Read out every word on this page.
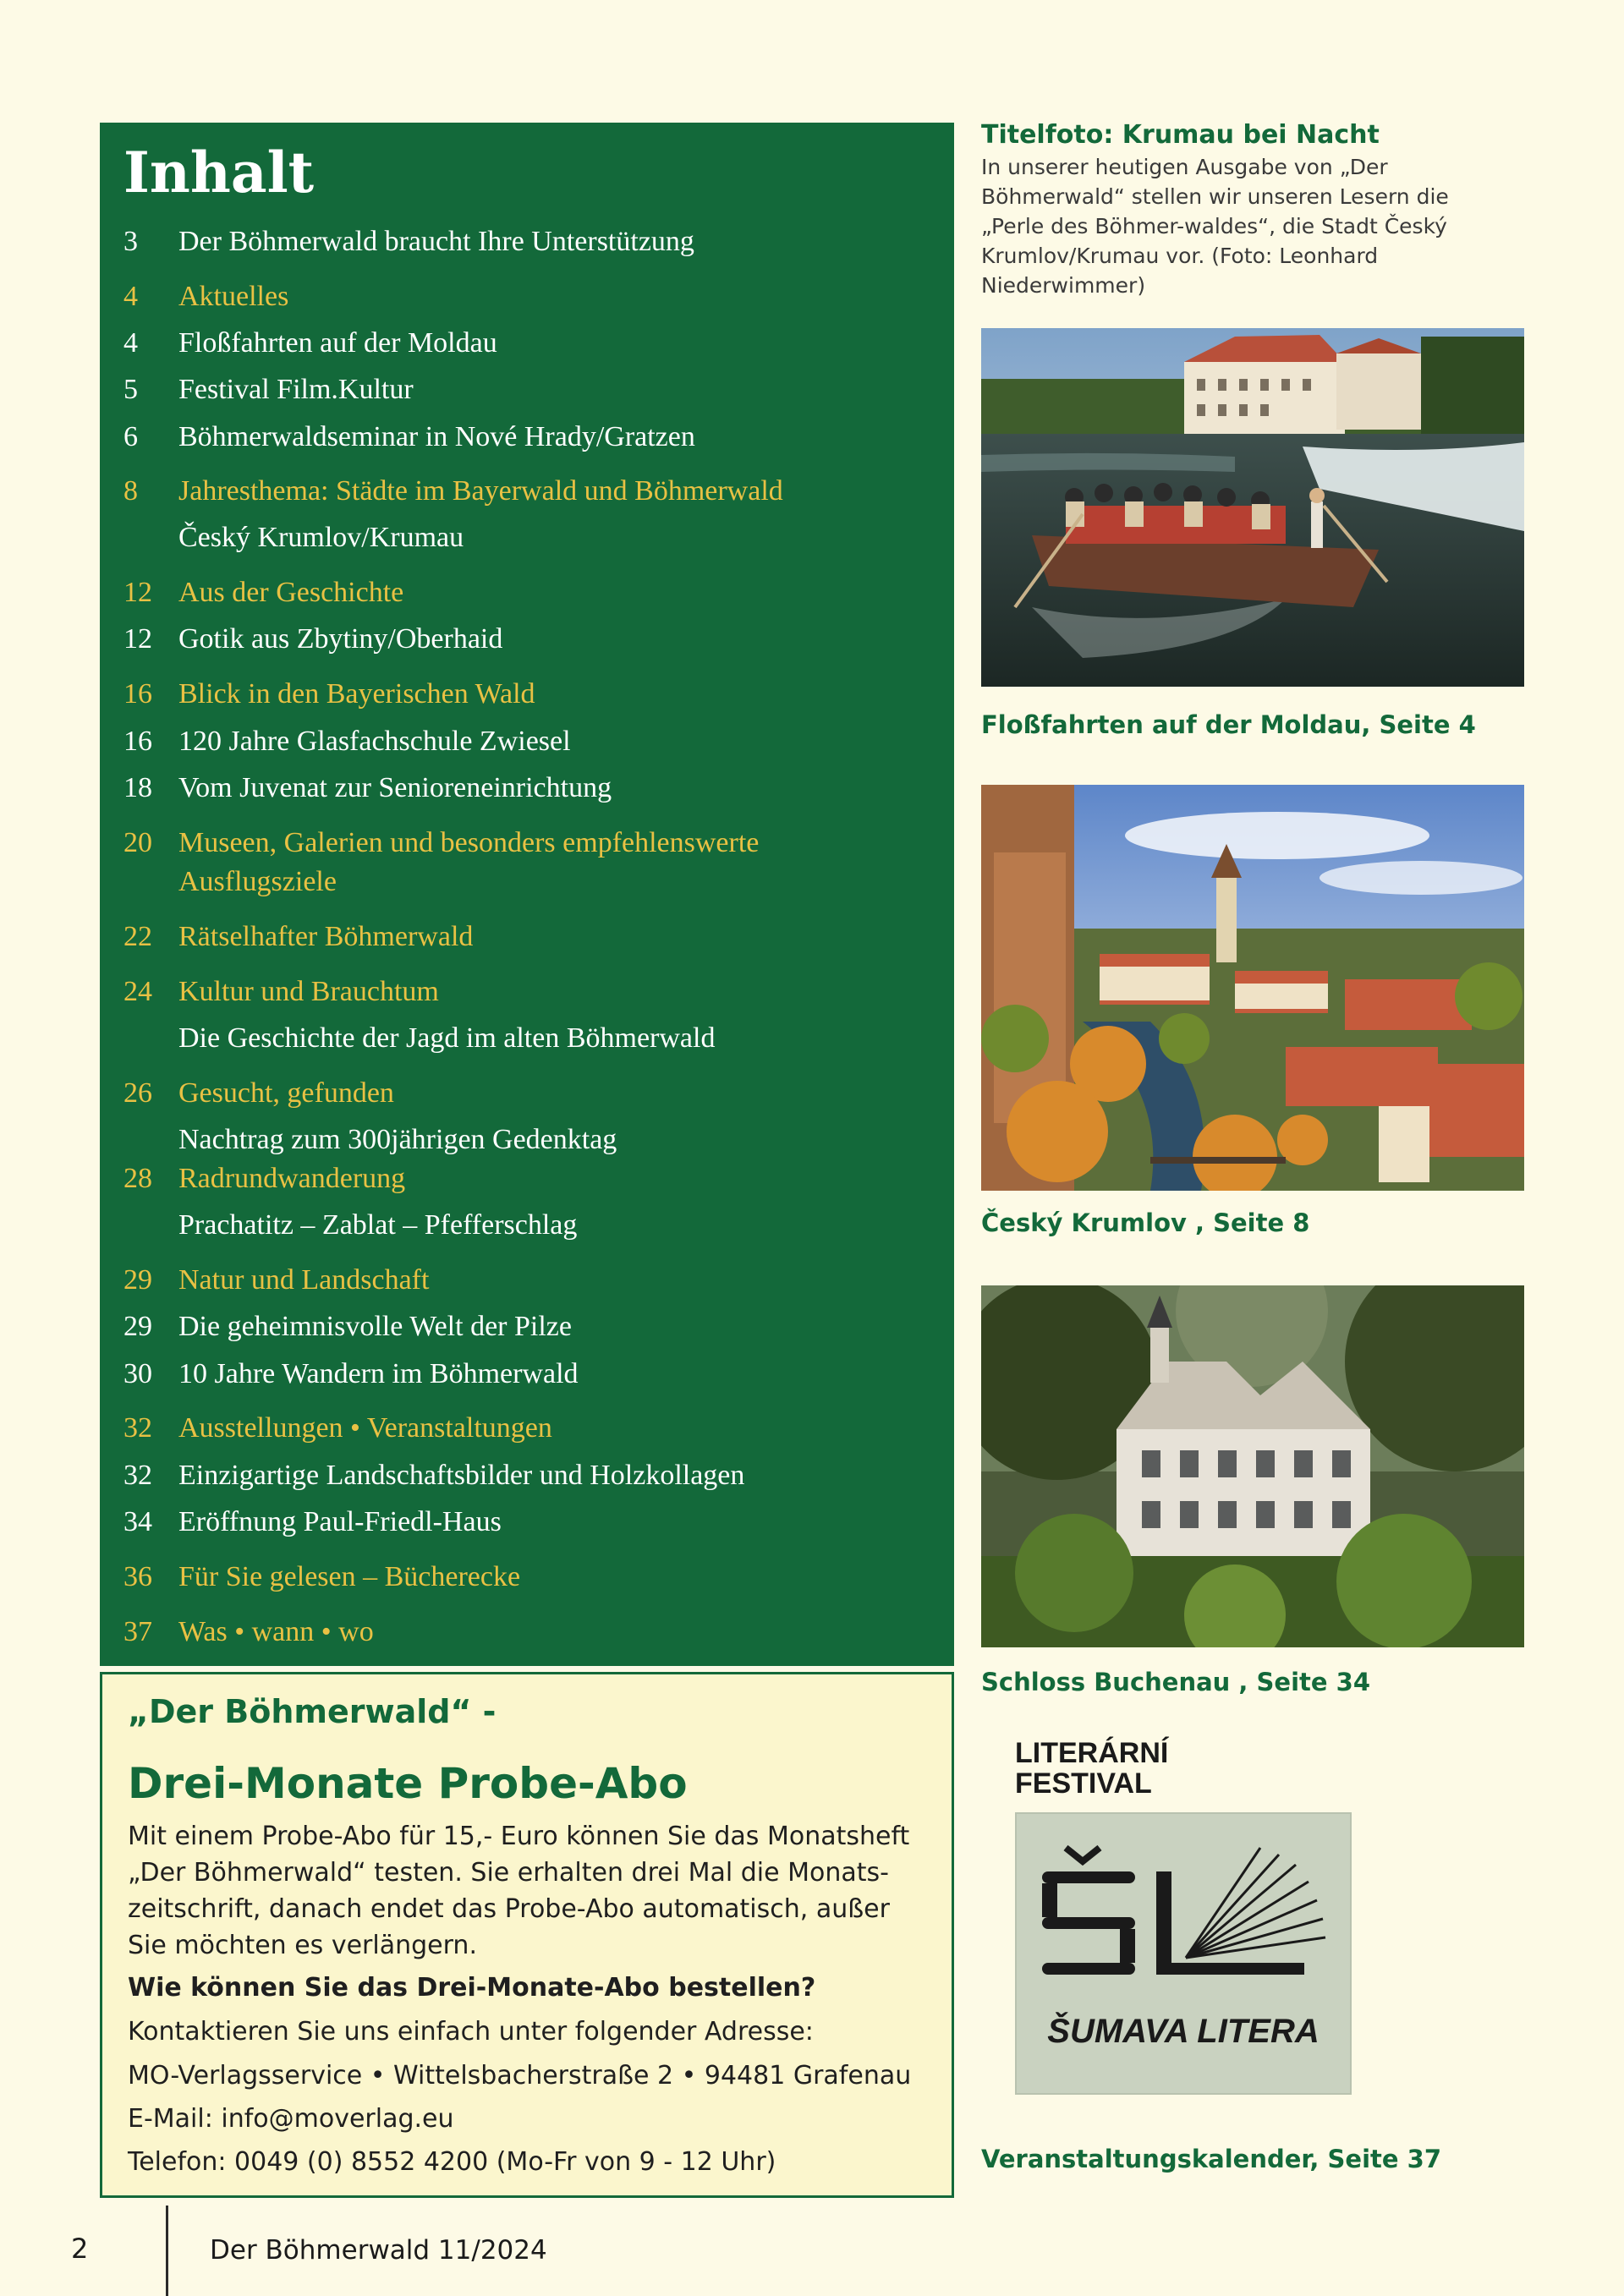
Inhalt
3	Der Böhmerwald braucht Ihre Unterstützung
4	Aktuelles
4	Floßfahrten auf der Moldau
5	Festival Film.Kultur
6	Böhmerwaldseminar in Nové Hrady/Gratzen
8	Jahresthema: Städte im Bayerwald und Böhmerwald
Český Krumlov/Krumau
12 Aus der Geschichte
12 Gotik aus Zbytiny/Oberhaid
16 Blick in den Bayerischen Wald
16 120 Jahre Glasfachschule Zwiesel
18 Vom Juvenat zur Senioreneinrichtung
20 Museen, Galerien und besonders empfehlenswerte
Ausflugsziele
22 Rätselhafter Böhmerwald
24 Kultur und Brauchtum
Die Geschichte der Jagd im alten Böhmerwald
26 Gesucht, gefunden
Nachtrag zum 300jährigen Gedenktag
28 Radrundwanderung
Prachatitz – Zablat – Pfefferschlag
29 Natur und Landschaft
29 Die geheimnisvolle Welt der Pilze
30 10 Jahre Wandern im Böhmerwald
32 Ausstellungen • Veranstaltungen
32 Einzigartige Landschaftsbilder und Holzkollagen
34 Eröffnung Paul-Friedl-Haus
36 Für Sie gelesen – Bücherecke
37 Was • wann • wo
„Der Böhmerwald“ -
Drei-Monate Probe-Abo
Mit einem Probe-Abo für 15,- Euro können Sie das Monatsheft „Der Böhmerwald“ testen. Sie erhalten drei Mal die Monats-zeitschrift, danach endet das Probe-Abo automatisch, außer Sie möchten es verlängern.
Wie können Sie das Drei-Monate-Abo bestellen?
Kontaktieren Sie uns einfach unter folgender Adresse:
MO-Verlagsservice • Wittelsbacherstraße 2 • 94481 Grafenau
E-Mail: info@moverlag.eu
Telefon: 0049 (0) 8552 4200 (Mo-Fr von 9 - 12 Uhr)
Titelfoto: Krumau bei Nacht
In unserer heutigen Ausgabe von „Der Böhmerwald“ stellen wir unseren Lesern die „Perle des Böhmer-waldes“, die Stadt Český Krumlov/Krumau vor. (Foto: Leonhard Niederwimmer)
Floßfahrten auf der Moldau, Seite 4
Český Krumlov , Seite 8
Schloss Buchenau , Seite 34
LITERÁRNÍ
FESTIVAL
ŠUMAVA LITERA
Veranstaltungskalender, Seite 37
2	Der Böhmerwald 11/2024
